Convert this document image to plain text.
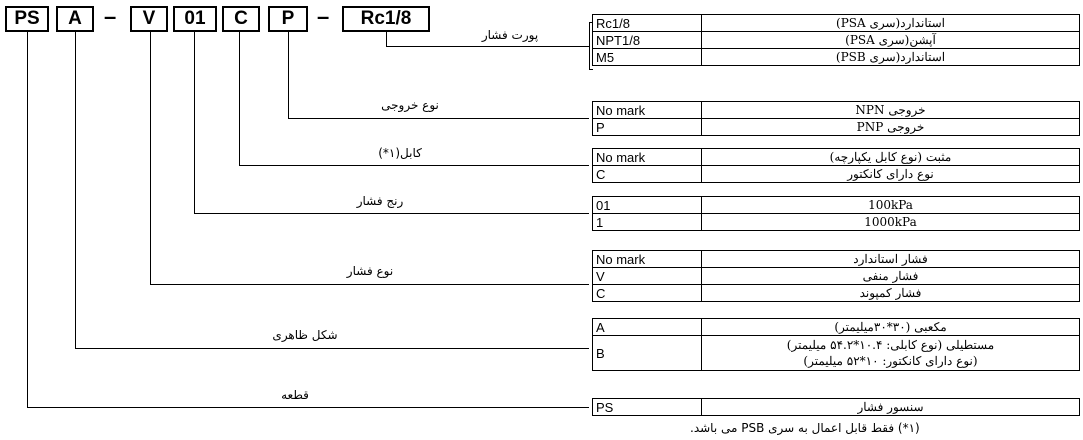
PS	A	–	V	01	C	P	–	Rc1/8
پورت فشار
نوع خروجی
کابل(۱*)
رنج فشار
نوع فشار
شکل ظاهری
قطعه
Rc1/8	استاندارد(سری PSA)
NPT1/8	آپشن(سری PSA)
M5	استاندارد(سری PSB)
No mark	خروجی NPN
P	خروجی PNP
No mark	مثبت (نوع کابل یکپارچه)
C	نوع دارای کانکتور
01	100kPa
1	1000kPa
No mark	فشار استاندارد
V	فشار منفی
C	فشار کمپوند
A	مکعبی (۳۰*۳۰میلیمتر)
B	مستطیلی (نوع کابلی: ۱۰.۴*۵۴.۲ میلیمتر)
(نوع دارای کانکتور: ۱۰*۵۲ میلیمتر)
PS	سنسور فشار
(۱*) فقط قابل اعمال به سری PSB می باشد.
